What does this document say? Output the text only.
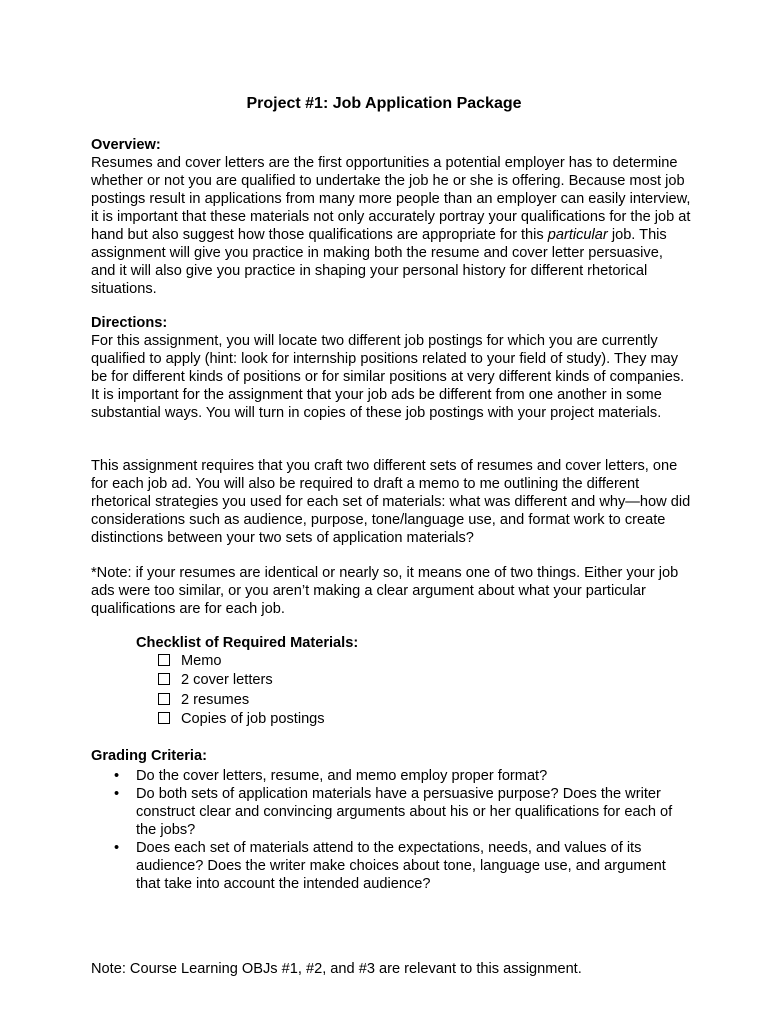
Project #1: Job Application Package
Overview:

Resumes and cover letters are the first opportunities a potential employer has to determine whether or not you are qualified to undertake the job he or she is offering. Because most job postings result in applications from many more people than an employer can easily interview, it is important that these materials not only accurately portray your qualifications for the job at hand but also suggest how those qualifications are appropriate for this particular job. This assignment will give you practice in making both the resume and cover letter persuasive, and it will also give you practice in shaping your personal history for different rhetorical situations.

Directions:

For this assignment, you will locate two different job postings for which you are currently qualified to apply (hint: look for internship positions related to your field of study). They may be for different kinds of positions or for similar positions at very different kinds of companies. It is important for the assignment that your job ads be different from one another in some substantial ways. You will turn in copies of these job postings with your project materials.

This assignment requires that you craft two different sets of resumes and cover letters, one for each job ad. You will also be required to draft a memo to me outlining the different rhetorical strategies you used for each set of materials: what was different and why—how did considerations such as audience, purpose, tone/language use, and format work to create distinctions between your two sets of application materials?

*Note: if your resumes are identical or nearly so, it means one of two things. Either your job ads were too similar, or you aren’t making a clear argument about what your particular qualifications are for each job.

Checklist of Required Materials:
Memo
2 cover letters
2 resumes
Copies of job postings
Grading Criteria:
• Do the cover letters, resume, and memo employ proper format?
• Do both sets of application materials have a persuasive purpose? Does the writer construct clear and convincing arguments about his or her qualifications for each of the jobs?
• Does each set of materials attend to the expectations, needs, and values of its audience? Does the writer make choices about tone, language use, and argument that take into account the intended audience?
Note: Course Learning OBJs #1, #2, and #3 are relevant to this assignment.
